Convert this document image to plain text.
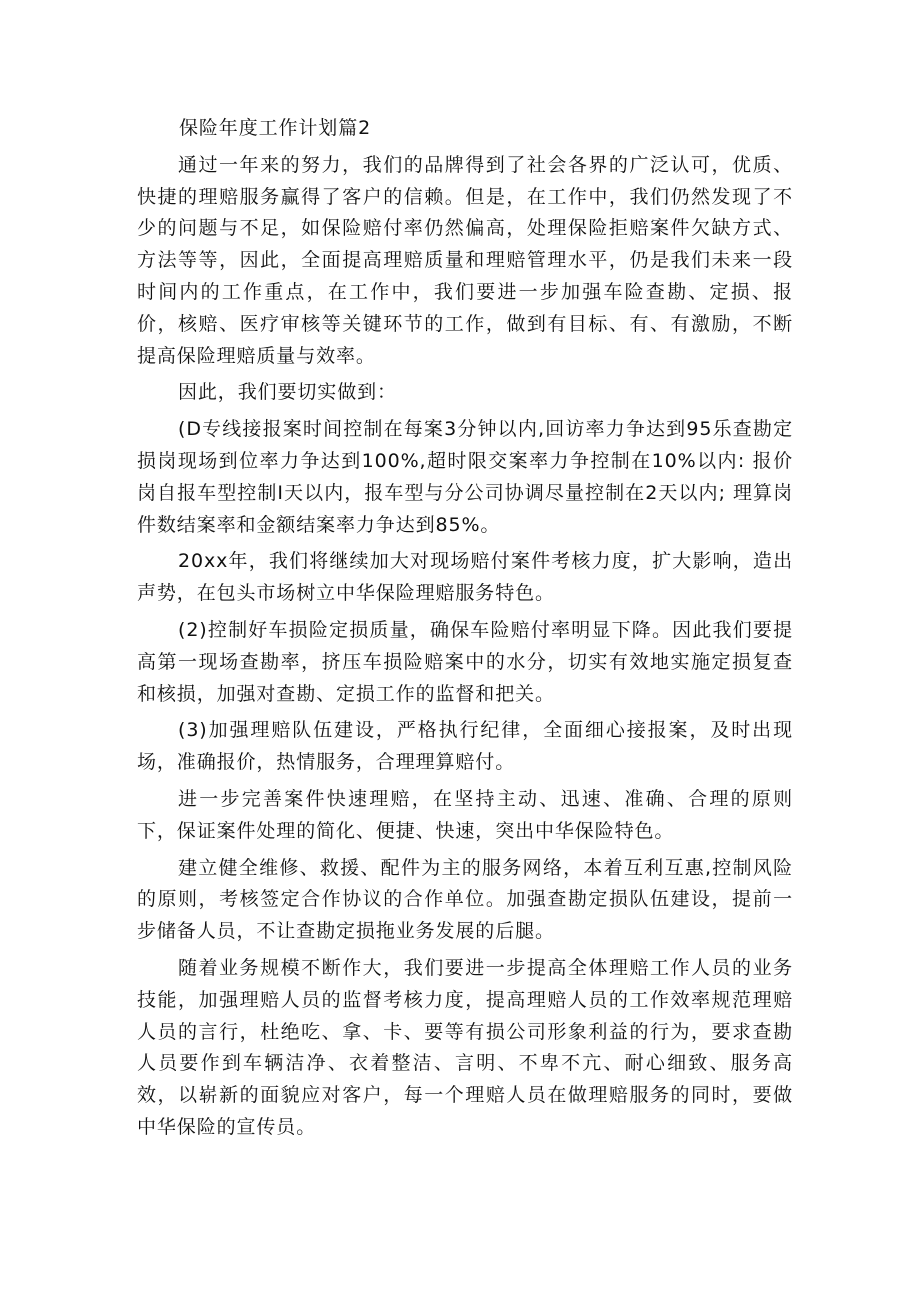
保险年度工作计划篇2

通过一年来的努力，我们的品牌得到了社会各界的广泛认可，优质、快捷的理赔服务赢得了客户的信赖。但是，在工作中，我们仍然发现了不少的问题与不足，如保险赔付率仍然偏高，处理保险拒赔案件欠缺方式、方法等等，因此，全面提高理赔质量和理赔管理水平，仍是我们未来一段时间内的工作重点，在工作中，我们要进一步加强车险查勘、定损、报价，核赔、医疗审核等关键环节的工作，做到有目标、有、有激励，不断提高保险理赔质量与效率。

因此，我们要切实做到：

(D专线接报案时间控制在每案3分钟以内,回访率力争达到95乐查勘定损岗现场到位率力争达到100%,超时限交案率力争控制在10%以内: 报价岗自报车型控制I天以内，报车型与分公司协调尽量控制在2天以内; 理算岗件数结案率和金额结案率力争达到85%。

20xx年，我们将继续加大对现场赔付案件考核力度，扩大影响，造出声势，在包头市场树立中华保险理赔服务特色。

(2)控制好车损险定损质量，确保车险赔付率明显下降。因此我们要提高第一现场查勘率，挤压车损险赔案中的水分，切实有效地实施定损复查和核损，加强对查勘、定损工作的监督和把关。

(3)加强理赔队伍建设，严格执行纪律，全面细心接报案，及时出现场，准确报价，热情服务，合理理算赔付。

进一步完善案件快速理赔，在坚持主动、迅速、准确、合理的原则下，保证案件处理的简化、便捷、快速，突出中华保险特色。

建立健全维修、救援、配件为主的服务网络，本着互利互惠,控制风险的原则，考核签定合作协议的合作单位。加强查勘定损队伍建设，提前一步储备人员，不让查勘定损拖业务发展的后腿。

随着业务规模不断作大，我们要进一步提高全体理赔工作人员的业务技能，加强理赔人员的监督考核力度，提高理赔人员的工作效率规范理赔人员的言行，杜绝吃、拿、卡、要等有损公司形象利益的行为，要求查勘人员要作到车辆洁净、衣着整洁、言明、不卑不亢、耐心细致、服务高效，以崭新的面貌应对客户，每一个理赔人员在做理赔服务的同时，要做中华保险的宣传员。
